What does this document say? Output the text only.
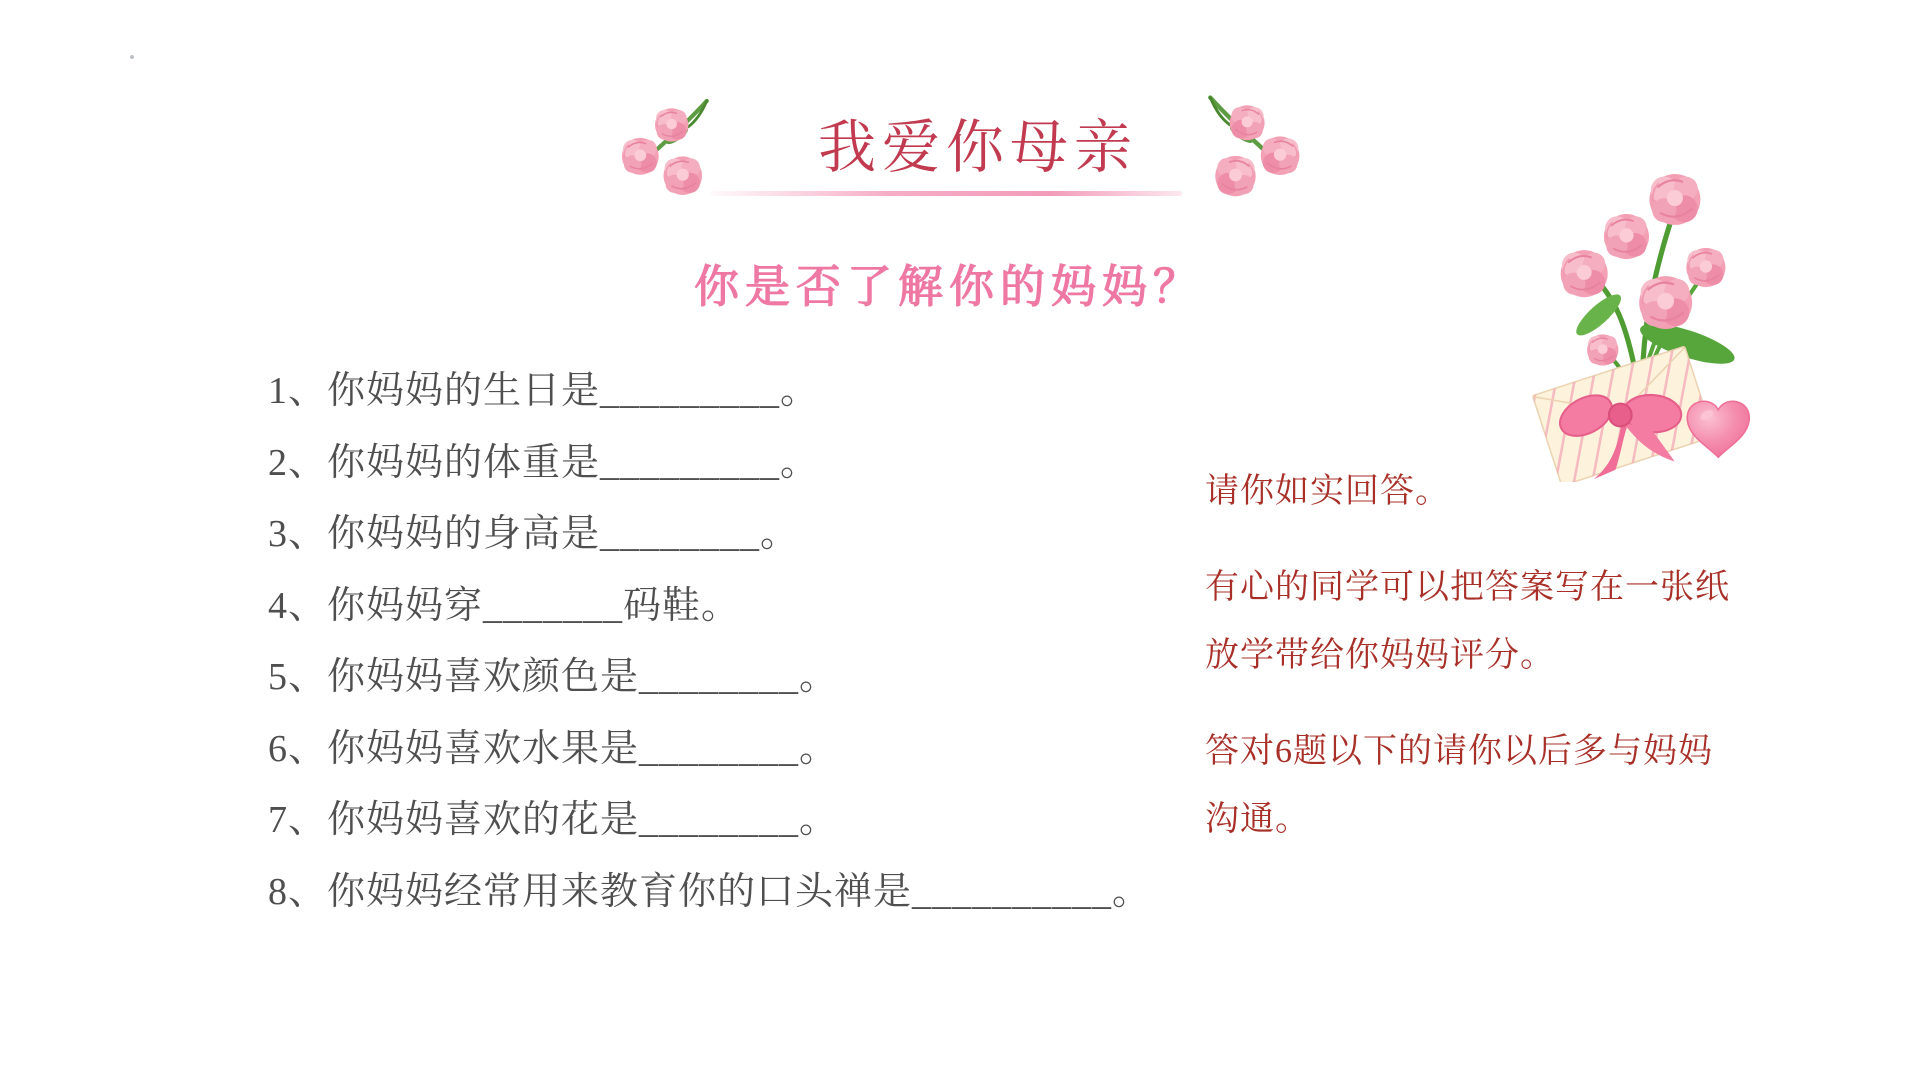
我爱你母亲
你是否了解你的妈妈？
1、你妈妈的生日是_________。
2、你妈妈的体重是_________。
3、你妈妈的身高是________。
4、你妈妈穿_______码鞋。
5、你妈妈喜欢颜色是________。
6、你妈妈喜欢水果是________。
7、你妈妈喜欢的花是________。
8、你妈妈经常用来教育你的口头禅是__________。
请你如实回答。
有心的同学可以把答案写在一张纸
放学带给你妈妈评分。
答对6题以下的请你以后多与妈妈
沟通。
